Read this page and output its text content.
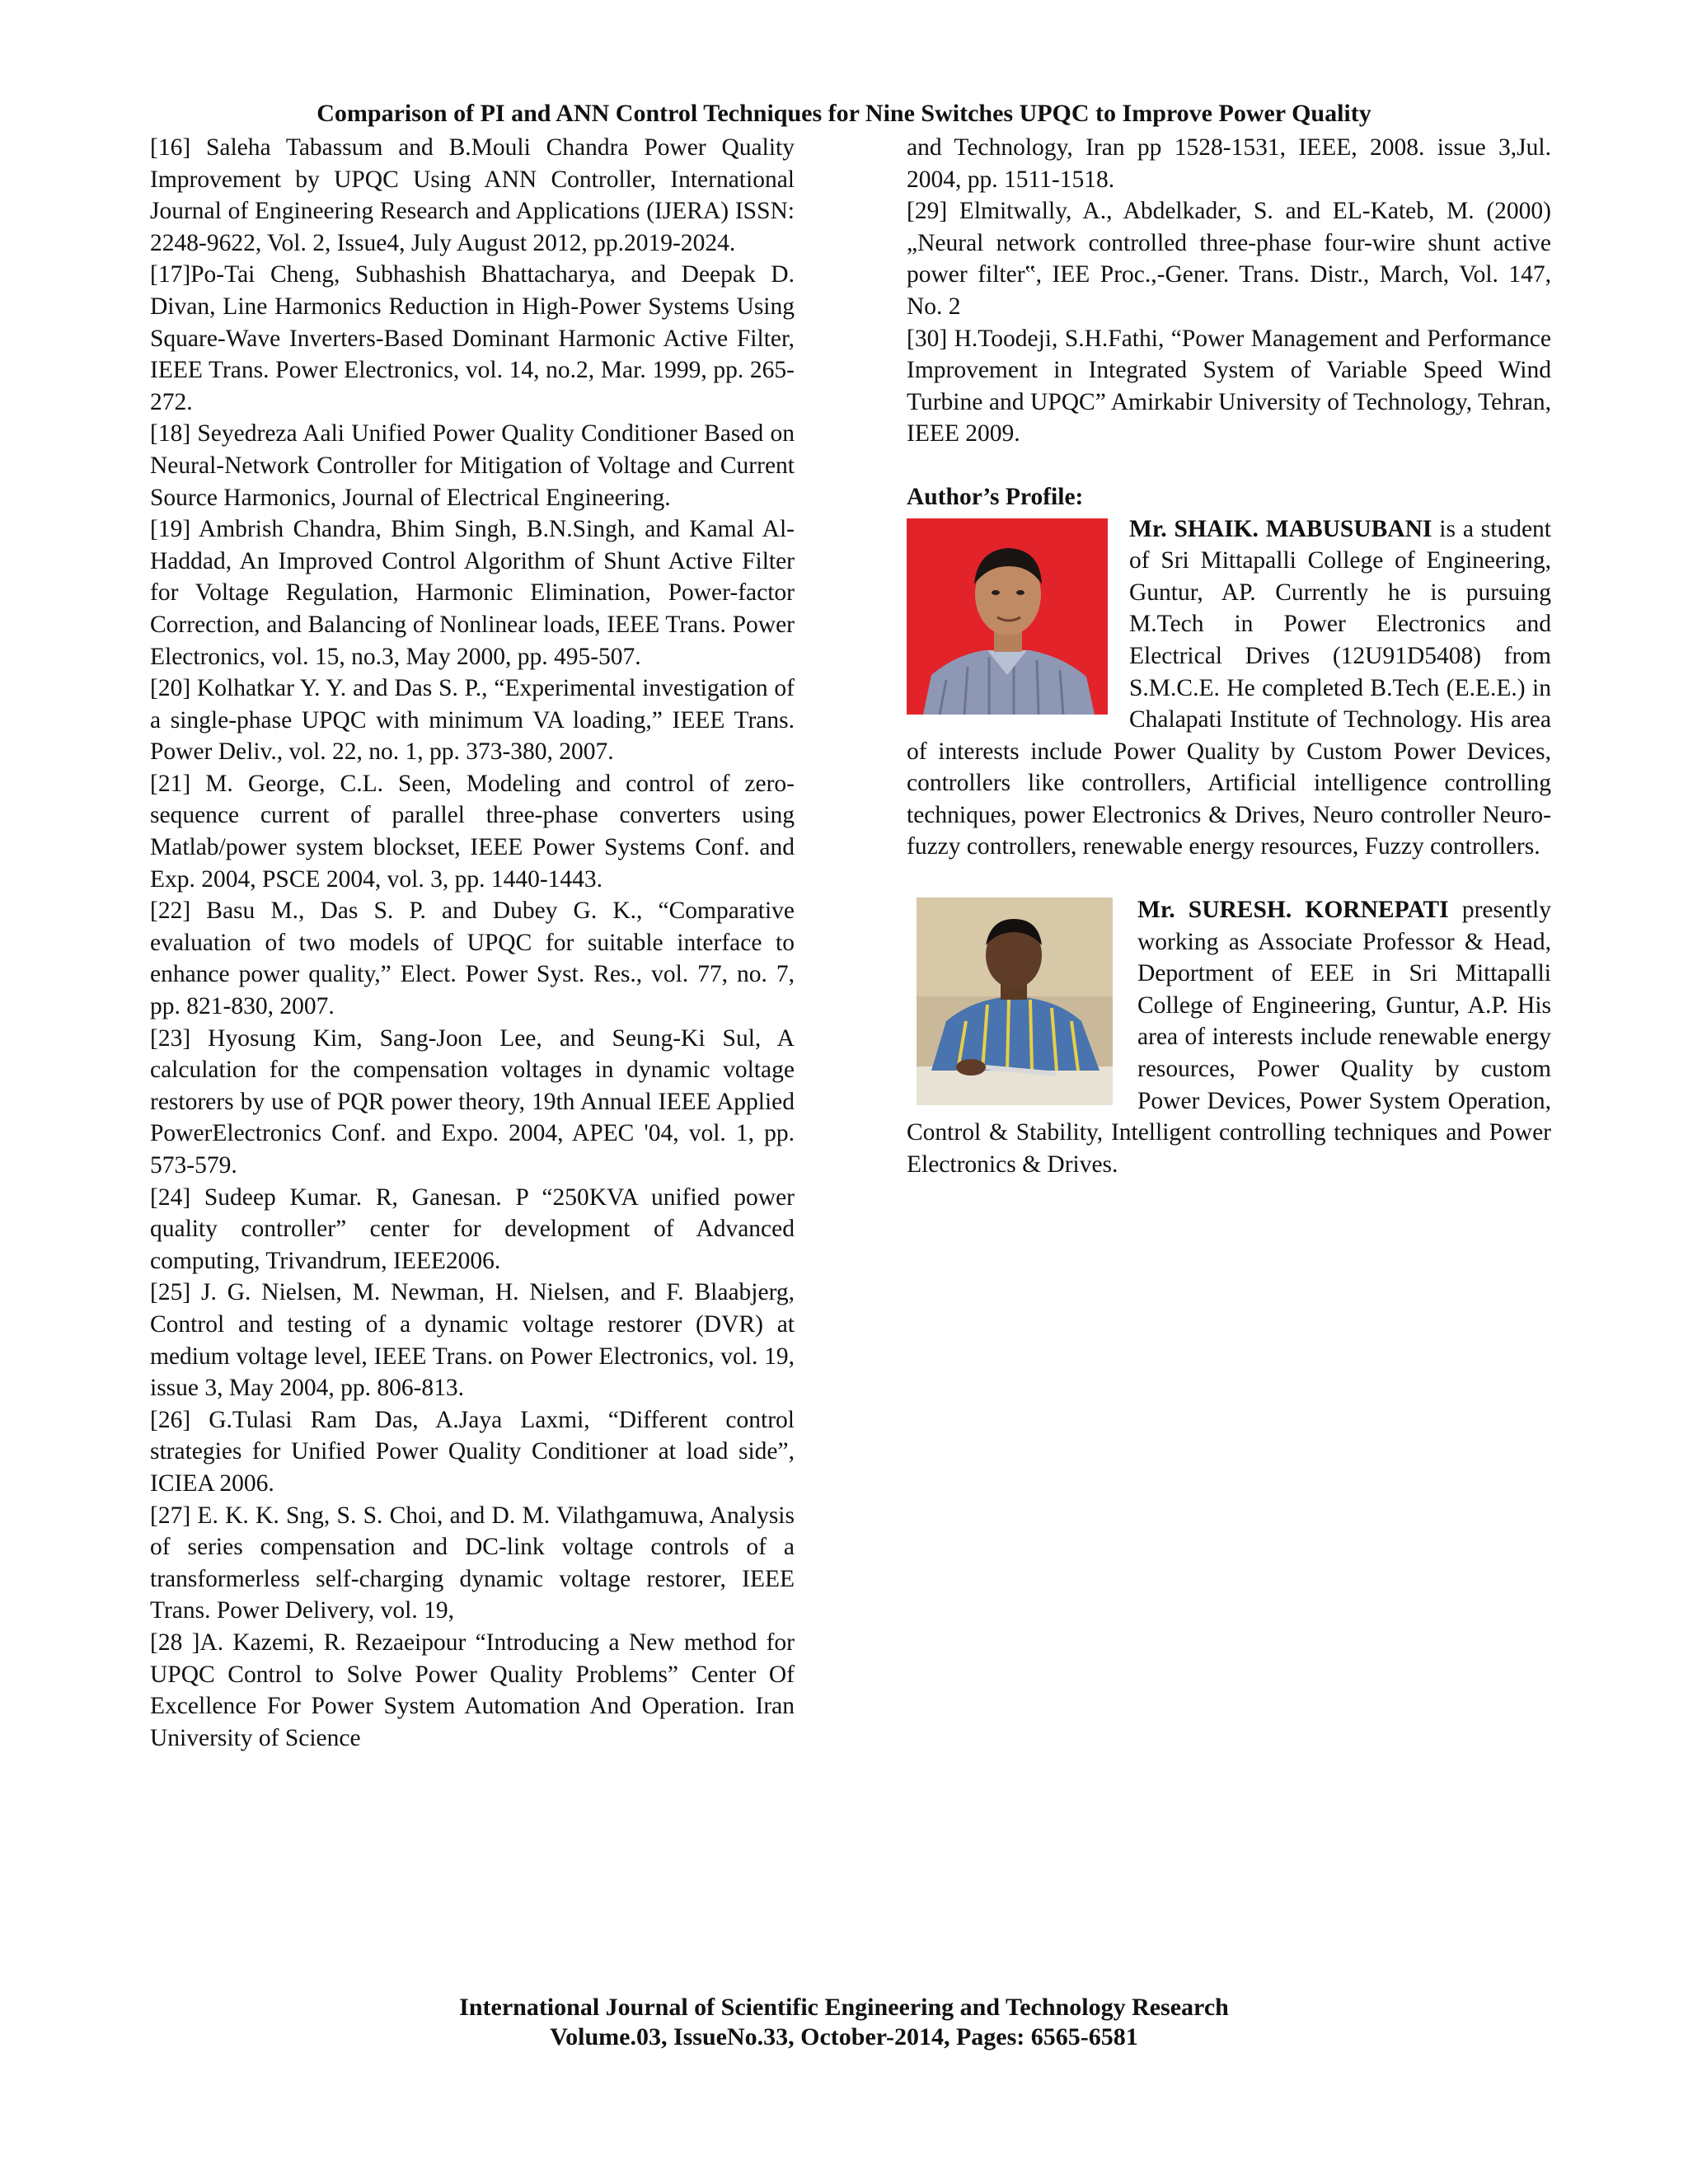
Comparison of PI and ANN Control Techniques for Nine Switches UPQC to Improve Power Quality

[16] Saleha Tabassum and B.Mouli Chandra Power Quality Improvement by UPQC Using ANN Controller, International Journal of Engineering Research and Applications (IJERA) ISSN: 2248-9622, Vol. 2, Issue4, July August 2012, pp.2019-2024.

[17]Po-Tai Cheng, Subhashish Bhattacharya, and Deepak D. Divan, Line Harmonics Reduction in High-Power Systems Using Square-Wave Inverters-Based Dominant Harmonic Active Filter, IEEE Trans. Power Electronics, vol. 14, no.2, Mar. 1999, pp. 265-272.

[18] Seyedreza Aali Unified Power Quality Conditioner Based on Neural-Network Controller for Mitigation of Voltage and Current Source Harmonics, Journal of Electrical Engineering.

[19] Ambrish Chandra, Bhim Singh, B.N.Singh, and Kamal Al-Haddad, An Improved Control Algorithm of Shunt Active Filter for Voltage Regulation, Harmonic Elimination, Power-factor Correction, and Balancing of Nonlinear loads, IEEE Trans. Power Electronics, vol. 15, no.3, May 2000, pp. 495-507.

[20] Kolhatkar Y. Y. and Das S. P., “Experimental investigation of a single-phase UPQC with minimum VA loading,” IEEE Trans. Power Deliv., vol. 22, no. 1, pp. 373-380, 2007.

[21] M. George, C.L. Seen, Modeling and control of zero-sequence current of parallel three-phase converters using Matlab/power system blockset, IEEE Power Systems Conf. and Exp. 2004, PSCE 2004, vol. 3, pp. 1440-1443.

[22] Basu M., Das S. P. and Dubey G. K., “Comparative evaluation of two models of UPQC for suitable interface to enhance power quality,” Elect. Power Syst. Res., vol. 77, no. 7, pp. 821-830, 2007.

[23] Hyosung Kim, Sang-Joon Lee, and Seung-Ki Sul, A calculation for the compensation voltages in dynamic voltage restorers by use of PQR power theory, 19th Annual IEEE Applied PowerElectronics Conf. and Expo. 2004, APEC '04, vol. 1, pp. 573-579.

[24] Sudeep Kumar. R, Ganesan. P “250KVA unified power quality controller” center for development of Advanced computing, Trivandrum, IEEE2006.

[25] J. G. Nielsen, M. Newman, H. Nielsen, and F. Blaabjerg, Control and testing of a dynamic voltage restorer (DVR) at medium voltage level, IEEE Trans. on Power Electronics, vol. 19, issue 3, May 2004, pp. 806-813.

[26] G.Tulasi Ram Das, A.Jaya Laxmi, “Different control strategies for Unified Power Quality Conditioner at load side”, ICIEA 2006.

[27] E. K. K. Sng, S. S. Choi, and D. M. Vilathgamuwa, Analysis of series compensation and DC-link voltage controls of a transformerless self-charging dynamic voltage restorer, IEEE Trans. Power Delivery, vol. 19,

[28 ]A. Kazemi, R. Rezaeipour “Introducing a New method for UPQC Control to Solve Power Quality Problems” Center Of Excellence For Power System Automation And Operation. Iran University of Science

and Technology, Iran pp 1528-1531, IEEE, 2008. issue 3,Jul. 2004, pp. 1511-1518.

[29] Elmitwally, A., Abdelkader, S. and EL-Kateb, M. (2000) „Neural network controlled three-phase four-wire shunt active power filter‟, IEE Proc.,-Gener. Trans. Distr., March, Vol. 147, No. 2

[30] H.Toodeji, S.H.Fathi, “Power Management and Performance Improvement in Integrated System of Variable Speed Wind Turbine and UPQC” Amirkabir University of Technology, Tehran, IEEE 2009.

Author’s Profile:

Mr. SHAIK. MABUSUBANI is a student of Sri Mittapalli College of Engineering, Guntur, AP. Currently he is pursuing M.Tech in Power Electronics and Electrical Drives (12U91D5408) from S.M.C.E. He completed B.Tech (E.E.E.) in Chalapati Institute of Technology. His area of interests include Power Quality by Custom Power Devices, controllers like controllers, Artificial intelligence controlling techniques, power Electronics & Drives, Neuro controller Neuro-fuzzy controllers, renewable energy resources, Fuzzy controllers.
Mr. SURESH. KORNEPATI presently working as Associate Professor & Head, Deportment of EEE in Sri Mittapalli College of Engineering, Guntur, A.P. His area of interests include renewable energy resources, Power Quality by custom Power Devices, Power System Operation, Control & Stability, Intelligent controlling techniques and Power Electronics & Drives.
International Journal of Scientific Engineering and Technology Research
Volume.03, IssueNo.33, October-2014, Pages: 6565-6581
